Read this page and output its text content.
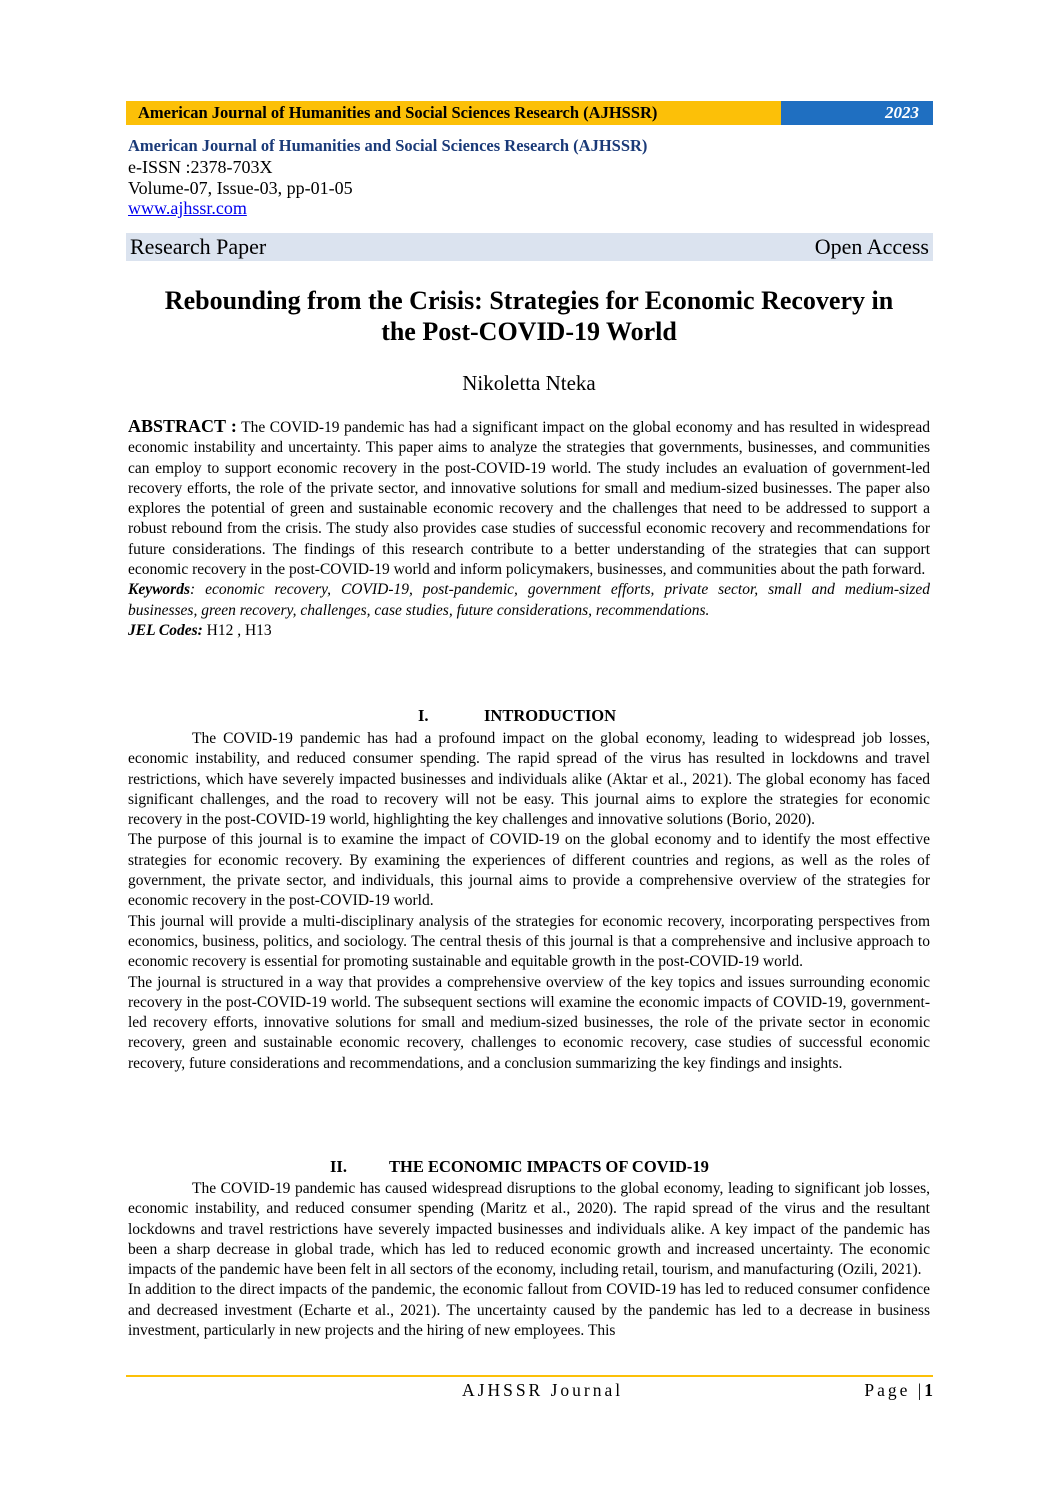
American Journal of Humanities and Social Sciences Research (AJHSSR)	2023
American Journal of Humanities and Social Sciences Research (AJHSSR)
e-ISSN :2378-703X
Volume-07, Issue-03, pp-01-05
www.ajhssr.com
Research Paper	Open Access
Rebounding from the Crisis: Strategies for Economic Recovery in
the Post-COVID-19 World
Nikoletta Nteka

ABSTRACT : The COVID-19 pandemic has had a significant impact on the global economy and has resulted in widespread economic instability and uncertainty. This paper aims to analyze the strategies that governments, businesses, and communities can employ to support economic recovery in the post-COVID-19 world. The study includes an evaluation of government-led recovery efforts, the role of the private sector, and innovative solutions for small and medium-sized businesses. The paper also explores the potential of green and sustainable economic recovery and the challenges that need to be addressed to support a robust rebound from the crisis. The study also provides case studies of successful economic recovery and recommendations for future considerations. The findings of this research contribute to a better understanding of the strategies that can support economic recovery in the post-COVID-19 world and inform policymakers, businesses, and communities about the path forward.

Keywords: economic recovery, COVID-19, post-pandemic, government efforts, private sector, small and medium-sized businesses, green recovery, challenges, case studies, future considerations, recommendations.

JEL Codes: H12 , H13

I.	INTRODUCTION

The COVID-19 pandemic has had a profound impact on the global economy, leading to widespread job losses, economic instability, and reduced consumer spending. The rapid spread of the virus has resulted in lockdowns and travel restrictions, which have severely impacted businesses and individuals alike (Aktar et al., 2021). The global economy has faced significant challenges, and the road to recovery will not be easy. This journal aims to explore the strategies for economic recovery in the post-COVID-19 world, highlighting the key challenges and innovative solutions (Borio, 2020).

The purpose of this journal is to examine the impact of COVID-19 on the global economy and to identify the most effective strategies for economic recovery. By examining the experiences of different countries and regions, as well as the roles of government, the private sector, and individuals, this journal aims to provide a comprehensive overview of the strategies for economic recovery in the post-COVID-19 world.

This journal will provide a multi-disciplinary analysis of the strategies for economic recovery, incorporating perspectives from economics, business, politics, and sociology. The central thesis of this journal is that a comprehensive and inclusive approach to economic recovery is essential for promoting sustainable and equitable growth in the post-COVID-19 world.

The journal is structured in a way that provides a comprehensive overview of the key topics and issues surrounding economic recovery in the post-COVID-19 world. The subsequent sections will examine the economic impacts of COVID-19, government-led recovery efforts, innovative solutions for small and medium-sized businesses, the role of the private sector in economic recovery, green and sustainable economic recovery, challenges to economic recovery, case studies of successful economic recovery, future considerations and recommendations, and a conclusion summarizing the key findings and insights.

II.	THE ECONOMIC IMPACTS OF COVID-19

The COVID-19 pandemic has caused widespread disruptions to the global economy, leading to significant job losses, economic instability, and reduced consumer spending (Maritz et al., 2020). The rapid spread of the virus and the resultant lockdowns and travel restrictions have severely impacted businesses and individuals alike. A key impact of the pandemic has been a sharp decrease in global trade, which has led to reduced economic growth and increased uncertainty. The economic impacts of the pandemic have been felt in all sectors of the economy, including retail, tourism, and manufacturing (Ozili, 2021).

In addition to the direct impacts of the pandemic, the economic fallout from COVID-19 has led to reduced consumer confidence and decreased investment (Echarte et al., 2021). The uncertainty caused by the pandemic has led to a decrease in business investment, particularly in new projects and the hiring of new employees. This

AJHSSR Journal	Page |1
